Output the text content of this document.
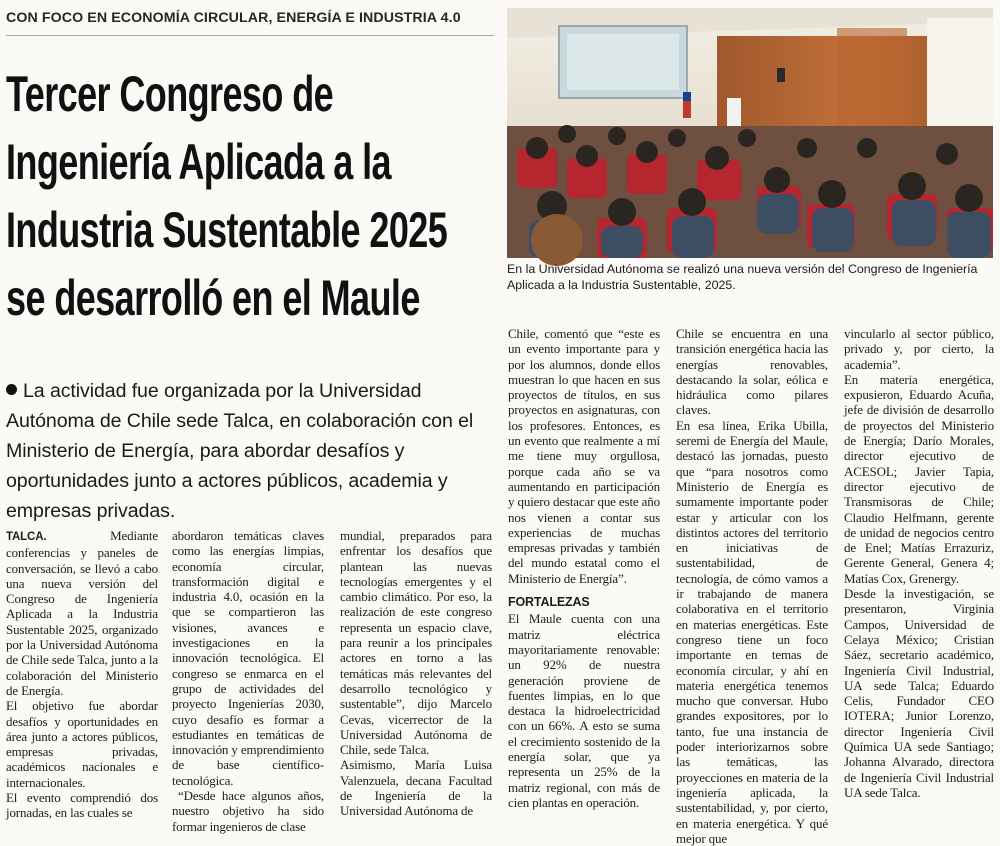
CON FOCO EN ECONOMÍA CIRCULAR, ENERGÍA E INDUSTRIA 4.0
Tercer Congreso de
Ingeniería Aplicada a la
Industria Sustentable 2025
se desarrolló en el Maule
La actividad fue organizada por la Universidad Autónoma de Chile sede Talca, en colaboración con el Ministerio de Energía, para abordar desafíos y oportunidades junto a actores públicos, academia y empresas privadas.
En la Universidad Autónoma se realizó una nueva versión del Congreso de Ingeniería Aplicada a la Industria Sustentable, 2025.

TALCA. Mediante conferencias y paneles de conversación, se llevó a cabo una nueva versión del Congreso de Ingeniería Aplicada a la Industria Sustentable 2025, organizado por la Universidad Autónoma de Chile sede Talca, junto a la colaboración del Ministerio de Energía.

El objetivo fue abordar desafíos y oportunidades en área junto a actores públicos, empresas privadas, académicos nacionales e internacionales.

El evento comprendió dos jornadas, en las cuales se

abordaron temáticas claves como las energías limpias, economía circular, transformación digital e industria 4.0, ocasión en la que se compartieron las visiones, avances e investigaciones en la innovación tecnológica. El congreso se enmarca en el grupo de actividades del proyecto Ingenierías 2030, cuyo desafío es formar a estudiantes en temáticas de innovación y emprendimiento de base científico-tecnológica.

“Desde hace algunos años, nuestro objetivo ha sido formar ingenieros de clase

mundial, preparados para enfrentar los desafíos que plantean las nuevas tecnologías emergentes y el cambio climático. Por eso, la realización de este congreso representa un espacio clave, para reunir a los principales actores en torno a las temáticas más relevantes del desarrollo tecnológico y sustentable”, dijo Marcelo Cevas, vicerrector de la Universidad Autónoma de Chile, sede Talca.

Asimismo, María Luisa Valenzuela, decana Facultad de Ingeniería de la Universidad Autónoma de

Chile, comentó que “este es un evento importante para y por los alumnos, donde ellos muestran lo que hacen en sus proyectos de títulos, en sus proyectos en asignaturas, con los profesores. Entonces, es un evento que realmente a mí me tiene muy orgullosa, porque cada año se va aumentando en participación y quiero destacar que este año nos vienen a contar sus experiencias de muchas empresas privadas y también del mundo estatal como el Ministerio de Energía”.

FORTALEZAS

El Maule cuenta con una matriz eléctrica mayoritariamente renovable: un 92% de nuestra generación proviene de fuentes limpias, en lo que destaca la hidroelectricidad con un 66%. A esto se suma el crecimiento sostenido de la energía solar, que ya representa un 25% de la matriz regional, con más de cien plantas en operación.

Chile se encuentra en una transición energética hacia las energías renovables, destacando la solar, eólica e hidráulica como pilares claves.

En esa línea, Erika Ubilla, seremi de Energía del Maule, destacó las jornadas, puesto que “para nosotros como Ministerio de Energía es sumamente importante poder estar y articular con los distintos actores del territorio en iniciativas de sustentabilidad, de tecnología, de cómo vamos a ir trabajando de manera colaborativa en el territorio en materias energéticas. Este congreso tiene un foco importante en temas de economía circular, y ahí en materia energética tenemos mucho que conversar. Hubo grandes expositores, por lo tanto, fue una instancia de poder interiorizarnos sobre las temáticas, las proyecciones en materia de la ingeniería aplicada, la sustentabilidad, y, por cierto, en materia energética. Y qué mejor que

vincularlo al sector público, privado y, por cierto, la academia”.

En materia energética, expusieron, Eduardo Acuña, jefe de división de desarrollo de proyectos del Ministerio de Energía; Darío Morales, director ejecutivo de ACESOL; Javier Tapia, director ejecutivo de Transmisoras de Chile; Claudio Helfmann, gerente de unidad de negocios centro de Enel; Matías Errazuriz, Gerente General, Genera 4; Matías Cox, Grenergy.

Desde la investigación, se presentaron, Virginia Campos, Universidad de Celaya México; Cristian Sáez, secretario académico, Ingeniería Civil Industrial, UA sede Talca; Eduardo Celis, Fundador CEO IOTERA; Junior Lorenzo, director Ingeniería Civil Química UA sede Santiago; Johanna Alvarado, directora de Ingeniería Civil Industrial UA sede Talca.
